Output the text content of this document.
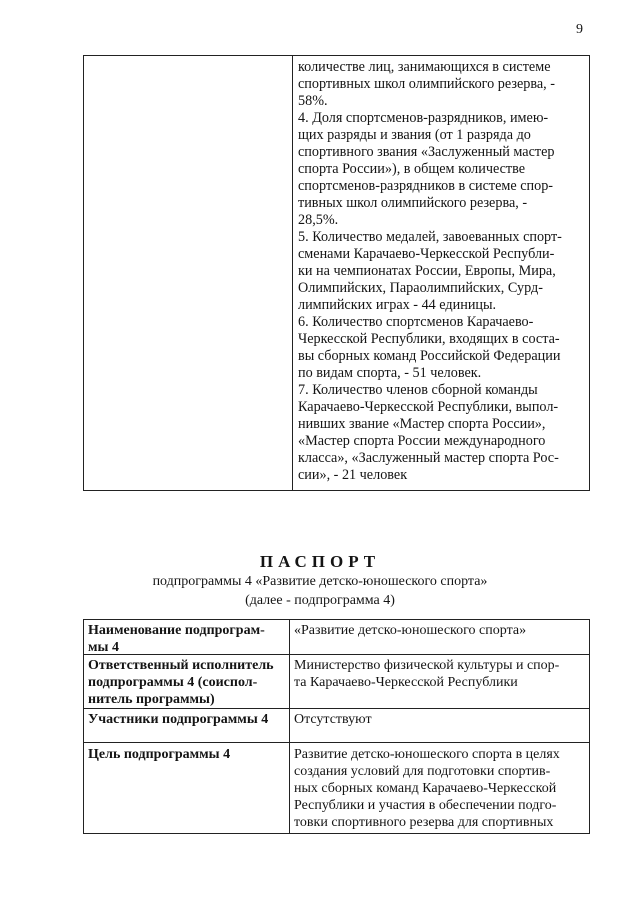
9
количестве лиц, занимающихся в системе
спортивных школ олимпийского резерва, -
58%.
4. Доля спортсменов-разрядников, имею-
щих разряды и звания (от 1 разряда до
спортивного звания «Заслуженный мастер
спорта России»), в общем количестве
спортсменов-разрядников в системе спор-
тивных школ олимпийского резерва, -
28,5%.
5. Количество медалей, завоеванных спорт-
сменами Карачаево-Черкесской Республи-
ки на чемпионатах России, Европы, Мира,
Олимпийских, Параолимпийских, Сурд-
лимпийских играх - 44 единицы.
6. Количество спортсменов Карачаево-
Черкесской Республики, входящих в соста-
вы сборных команд Российской Федерации
по видам спорта, - 51 человек.
7. Количество членов сборной команды
Карачаево-Черкесской Республики, выпол-
нивших звание «Мастер спорта России»,
«Мастер спорта России международного
класса», «Заслуженный мастер спорта Рос-
сии», - 21 человек
ПАСПОРТ
подпрограммы 4 «Развитие детско-юношеского спорта»
(далее - подпрограмма 4)
Наименование подпрограм-
мы 4
«Развитие детско-юношеского спорта»
Ответственный исполнитель
подпрограммы 4 (соиспол-
нитель программы)
Министерство физической культуры и спор-
та Карачаево-Черкесской Республики
Участники подпрограммы 4	Отсутствуют
Цель подпрограммы 4	Развитие детско-юношеского спорта в целях
создания условий для подготовки спортив-
ных сборных команд Карачаево-Черкесской
Республики и участия в обеспечении подго-
товки спортивного резерва для спортивных
